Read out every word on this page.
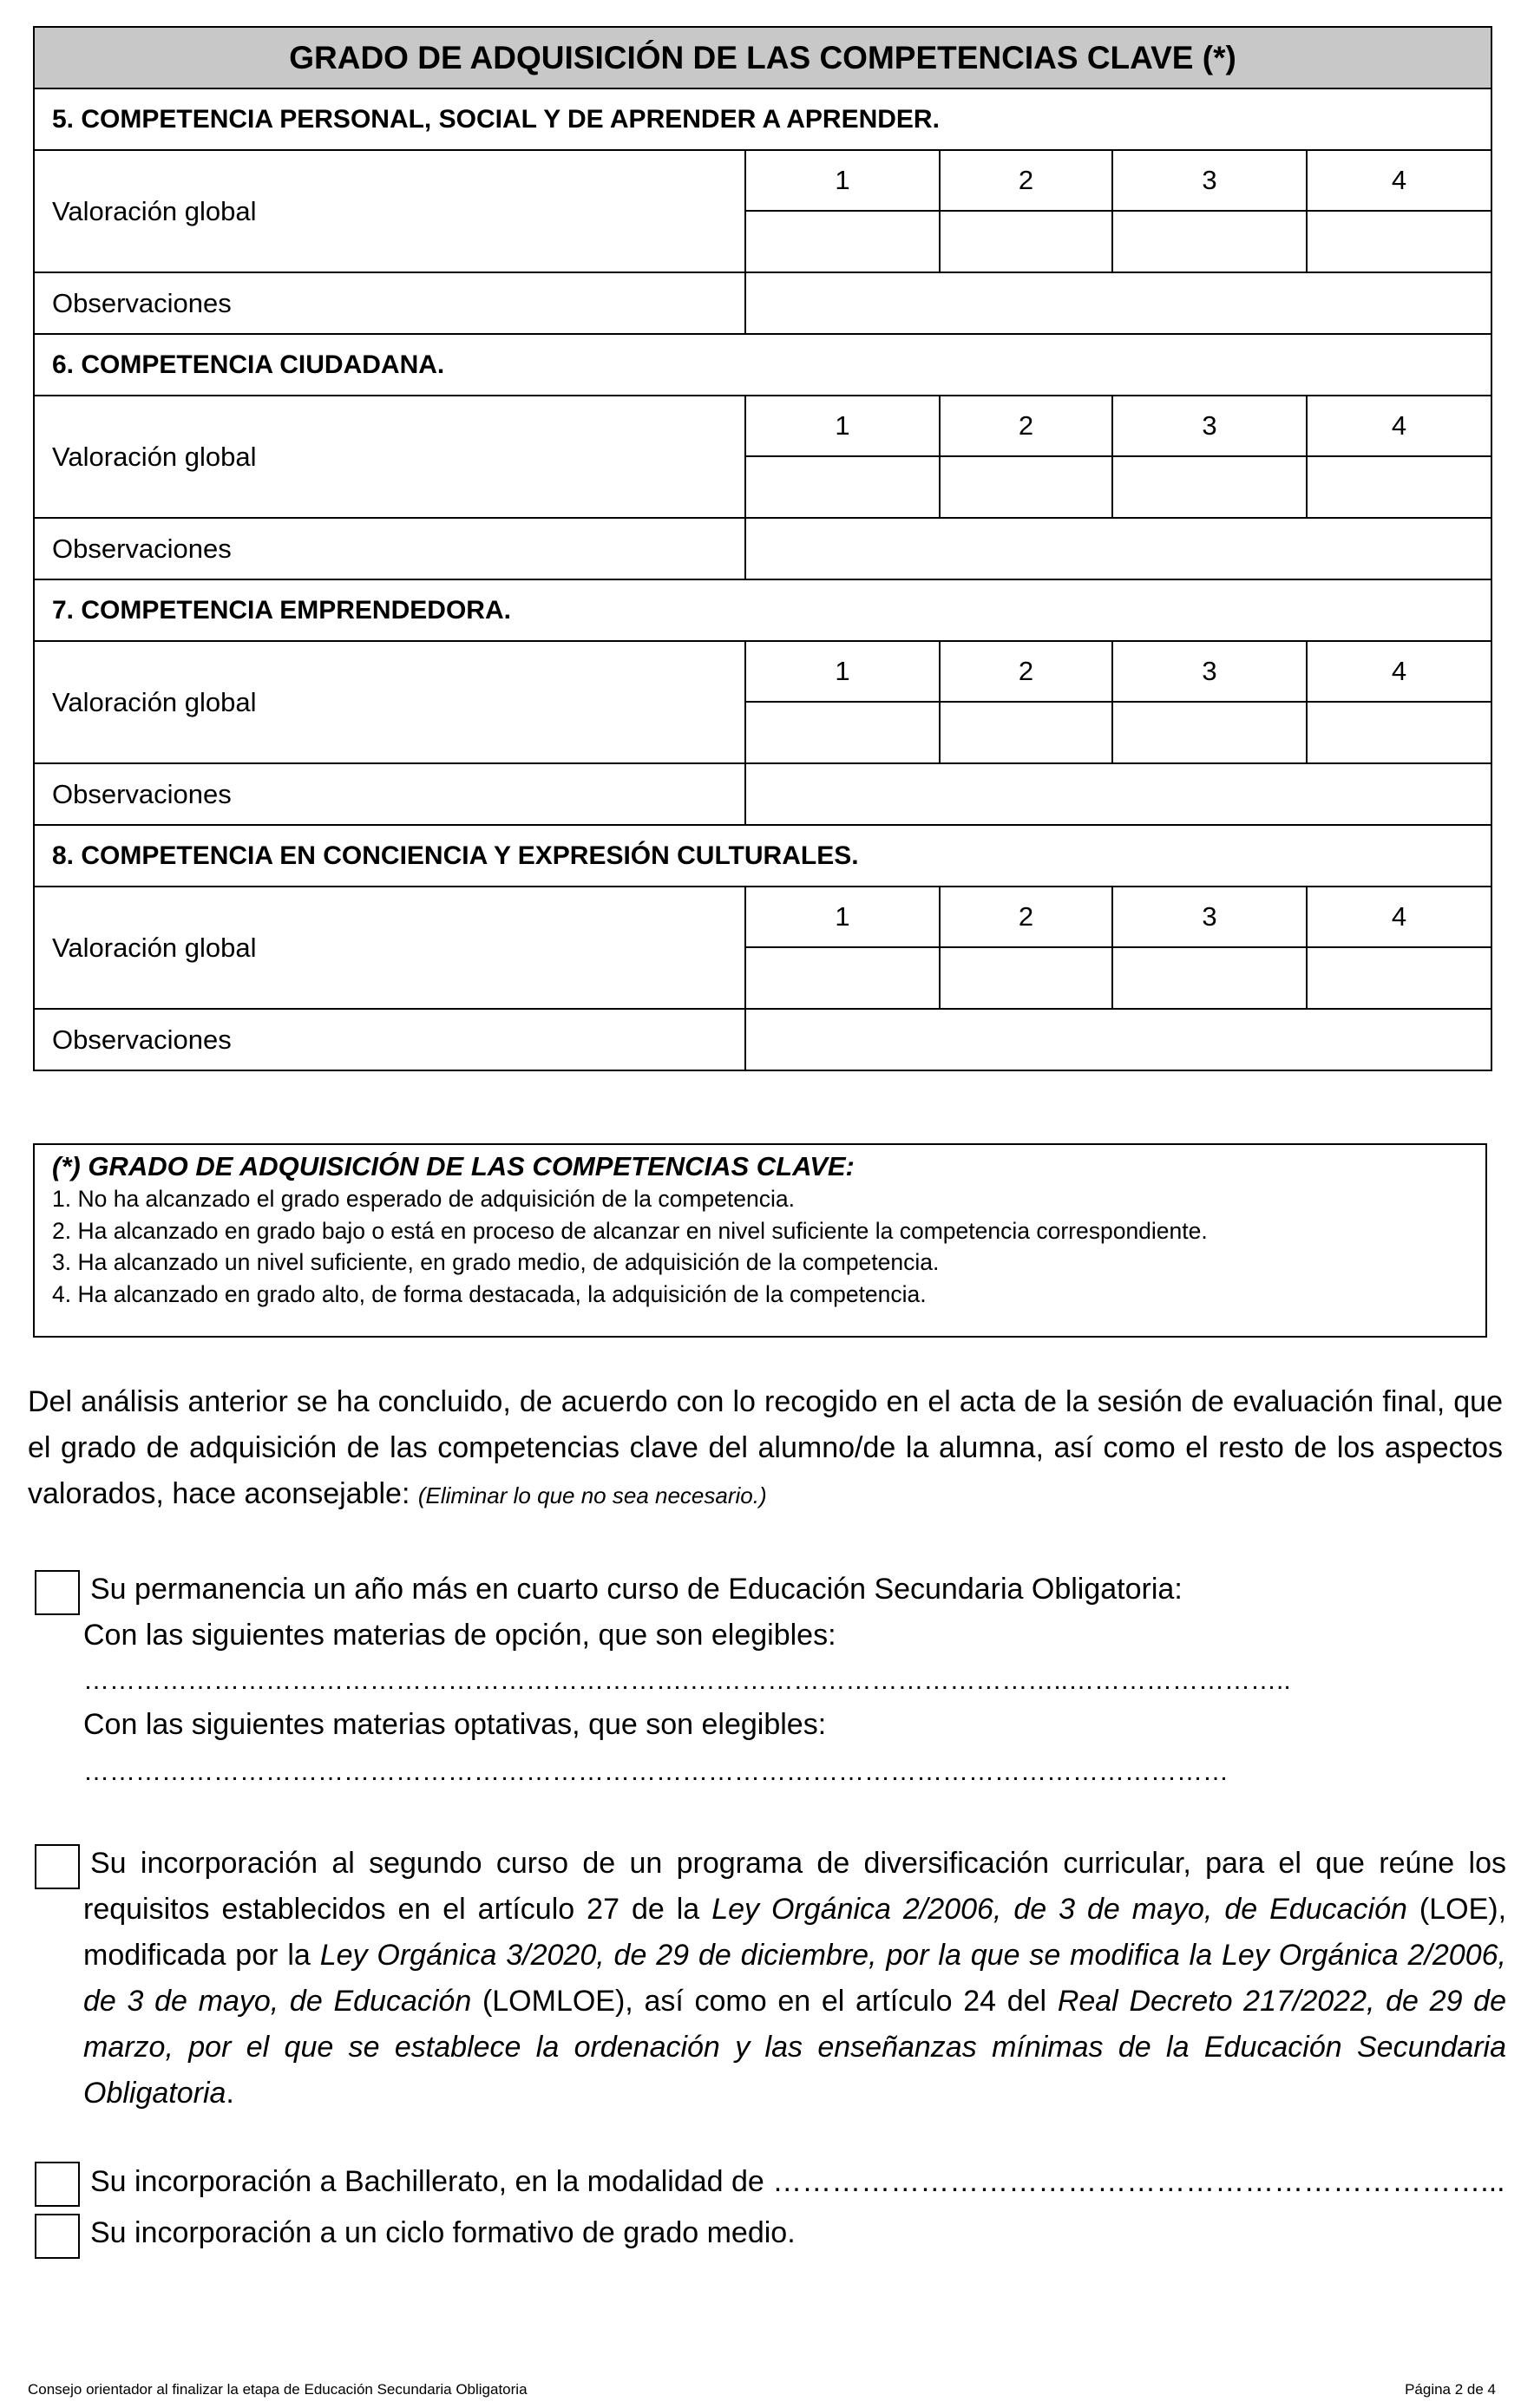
GRADO DE ADQUISICIÓN DE LAS COMPETENCIAS CLAVE (*)				
5. COMPETENCIA PERSONAL, SOCIAL Y DE APRENDER A APRENDER.				
Valoración global	1	2	3	4

Observaciones				
6. COMPETENCIA CIUDADANA.				
Valoración global	1	2	3	4

Observaciones				
7. COMPETENCIA EMPRENDEDORA.				
Valoración global	1	2	3	4

Observaciones				
8. COMPETENCIA EN CONCIENCIA Y EXPRESIÓN CULTURALES.				
Valoración global	1	2	3	4

Observaciones				
(*) GRADO DE ADQUISICIÓN DE LAS COMPETENCIAS CLAVE:
1. No ha alcanzado el grado esperado de adquisición de la competencia.
2. Ha alcanzado en grado bajo o está en proceso de alcanzar en nivel suficiente la competencia correspondiente.
3. Ha alcanzado un nivel suficiente, en grado medio, de adquisición de la competencia.
4. Ha alcanzado en grado alto, de forma destacada, la adquisición de la competencia.
Del análisis anterior se ha concluido, de acuerdo con lo recogido en el acta de la sesión de evaluación final, que el grado de adquisición de las competencias clave del alumno/de la alumna, así como el resto de los aspectos valorados, hace aconsejable: (Eliminar lo que no sea necesario.)
Su permanencia un año más en cuarto curso de Educación Secundaria Obligatoria:
Con las siguientes materias de opción, que son elegibles:
…………………………………………………………….……………………………………..……………………..
Con las siguientes materias optativas, que son elegibles:
……………………………………………………………………………………………………………………
Su incorporación al segundo curso de un programa de diversificación curricular, para el que reúne los requisitos establecidos en el artículo 27 de la Ley Orgánica 2/2006, de 3 de mayo, de Educación (LOE), modificada por la Ley Orgánica 3/2020, de 29 de diciembre, por la que se modifica la Ley Orgánica 2/2006, de 3 de mayo, de Educación (LOMLOE), así como en el artículo 24 del Real Decreto 217/2022, de 29 de marzo, por el que se establece la ordenación y las enseñanzas mínimas de la Educación Secundaria Obligatoria.
Su incorporación a Bachillerato, en la modalidad de ………………………………………………………………...
Su incorporación a un ciclo formativo de grado medio.
Consejo orientador al finalizar la etapa de Educación Secundaria Obligatoria	Página 2 de 4
